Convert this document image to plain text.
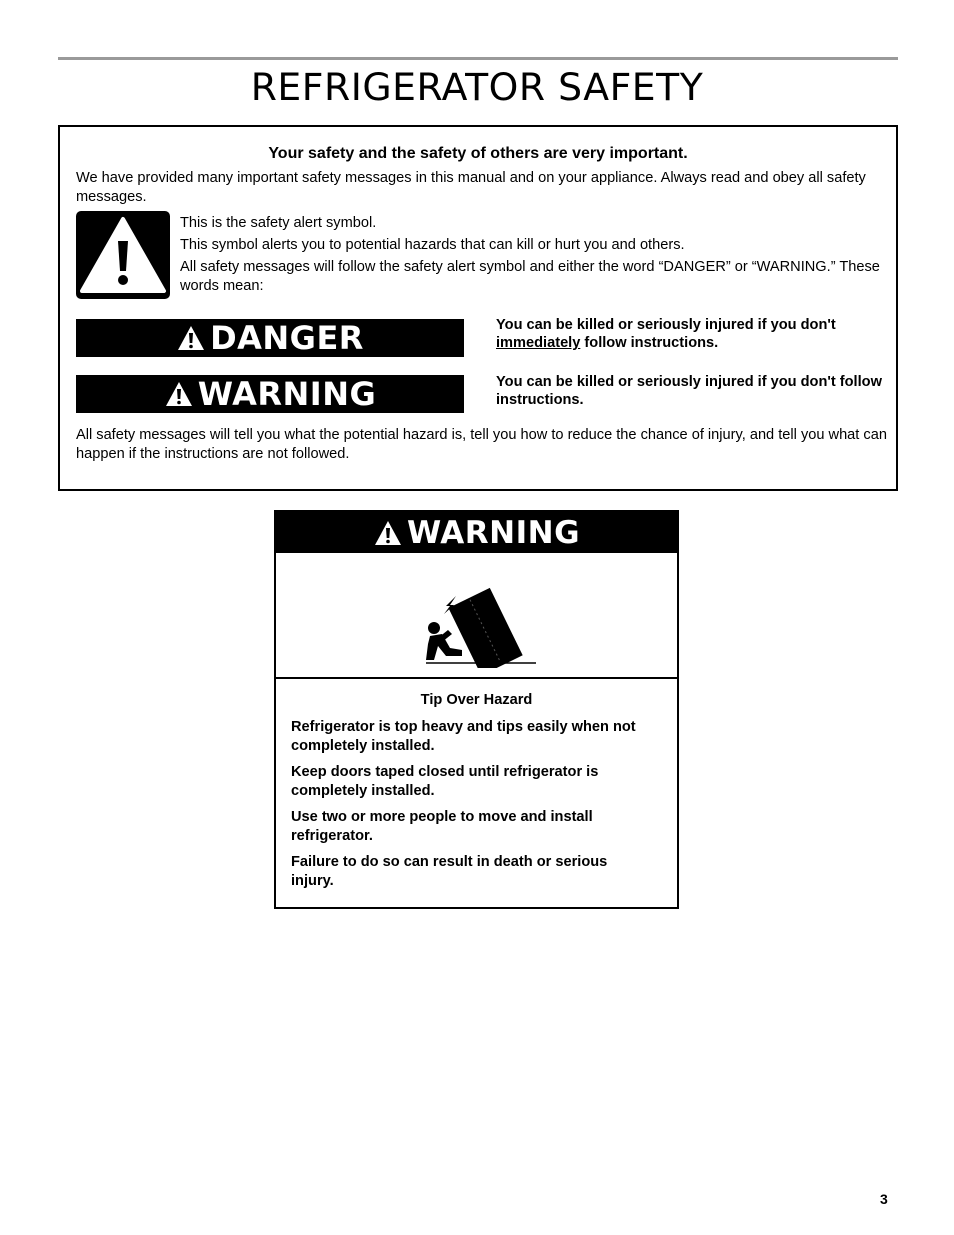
REFRIGERATOR SAFETY
Your safety and the safety of others are very important.
We have provided many important safety messages in this manual and on your appliance. Always read and obey all safety messages.

This is the safety alert symbol.

This symbol alerts you to potential hazards that can kill or hurt you and others.

All safety messages will follow the safety alert symbol and either the word “DANGER” or “WARNING.” These words mean:

DANGER	You can be killed or seriously injured if you don't immediately follow instructions.
WARNING	You can be killed or seriously injured if you don't follow instructions.
All safety messages will tell you what the potential hazard is, tell you how to reduce the chance of injury, and tell you what can happen if the instructions are not followed.
WARNING
Tip Over Hazard

Refrigerator is top heavy and tips easily when not completely installed.

Keep doors taped closed until refrigerator is completely installed.

Use two or more people to move and install refrigerator.

Failure to do so can result in death or serious injury.

3
